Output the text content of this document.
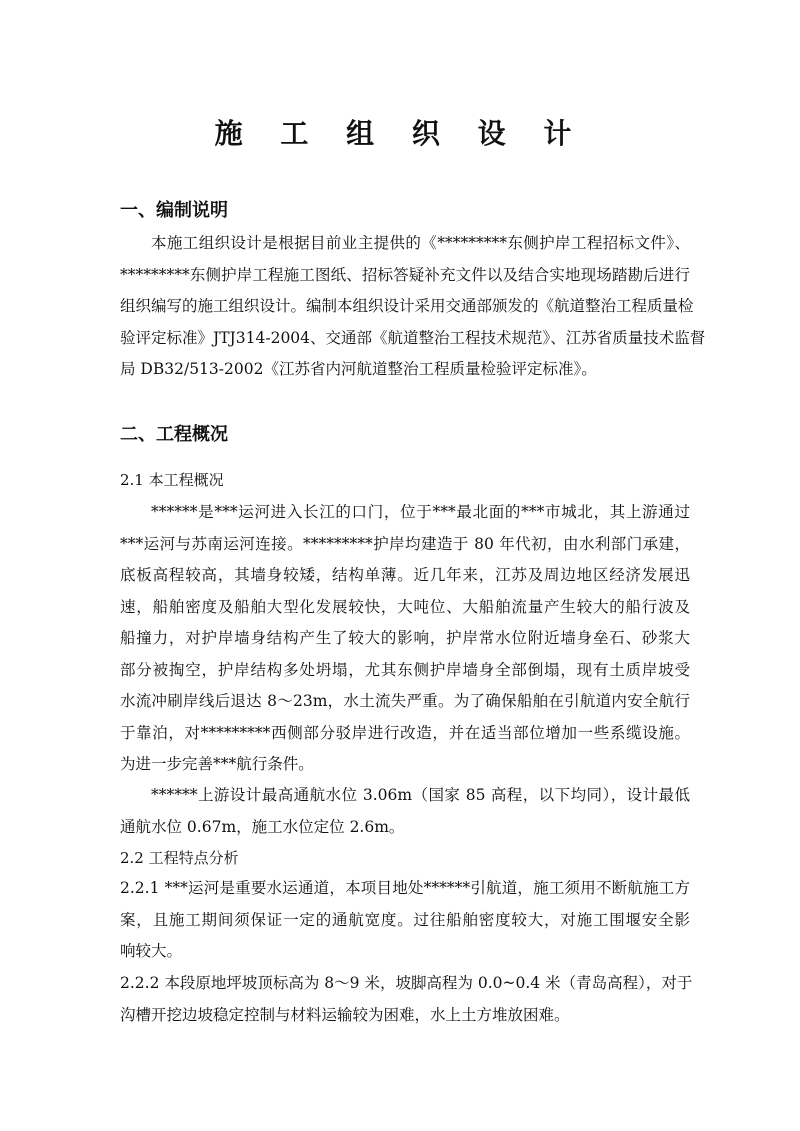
施 工 组 织 设 计
一、编制说明
本施工组织设计是根据目前业主提供的《*********东侧护岸工程招标文件》、
*********东侧护岸工程施工图纸、招标答疑补充文件以及结合实地现场踏勘后进行
组织编写的施工组织设计。编制本组织设计采用交通部颁发的《航道整治工程质量检
验评定标准》JTJ314-2004、交通部《航道整治工程技术规范》、江苏省质量技术监督
局 DB32/513-2002《江苏省内河航道整治工程质量检验评定标准》。
二、工程概况
2.1 本工程概况
******是***运河进入长江的口门，位于***最北面的***市城北，其上游通过
***运河与苏南运河连接。*********护岸均建造于 80 年代初，由水利部门承建，
底板高程较高，其墙身较矮，结构单薄。近几年来，江苏及周边地区经济发展迅
速，船舶密度及船舶大型化发展较快，大吨位、大船舶流量产生较大的船行波及
船撞力，对护岸墙身结构产生了较大的影响，护岸常水位附近墙身垒石、砂浆大
部分被掏空，护岸结构多处坍塌，尤其东侧护岸墙身全部倒塌，现有土质岸坡受
水流冲刷岸线后退达 8～23m，水土流失严重。为了确保船舶在引航道内安全航行
于靠泊，对*********西侧部分驳岸进行改造，并在适当部位增加一些系缆设施。
为进一步完善***航行条件。
******上游设计最高通航水位 3.06m（国家 85 高程，以下均同），设计最低
通航水位 0.67m，施工水位定位 2.6m。
2.2 工程特点分析
2.2.1 ***运河是重要水运通道，本项目地处******引航道，施工须用不断航施工方
案，且施工期间须保证一定的通航宽度。过往船舶密度较大，对施工围堰安全影
响较大。
2.2.2 本段原地坪坡顶标高为 8～9 米，坡脚高程为 0.0~0.4 米（青岛高程），对于
沟槽开挖边坡稳定控制与材料运输较为困难，水上土方堆放困难。
